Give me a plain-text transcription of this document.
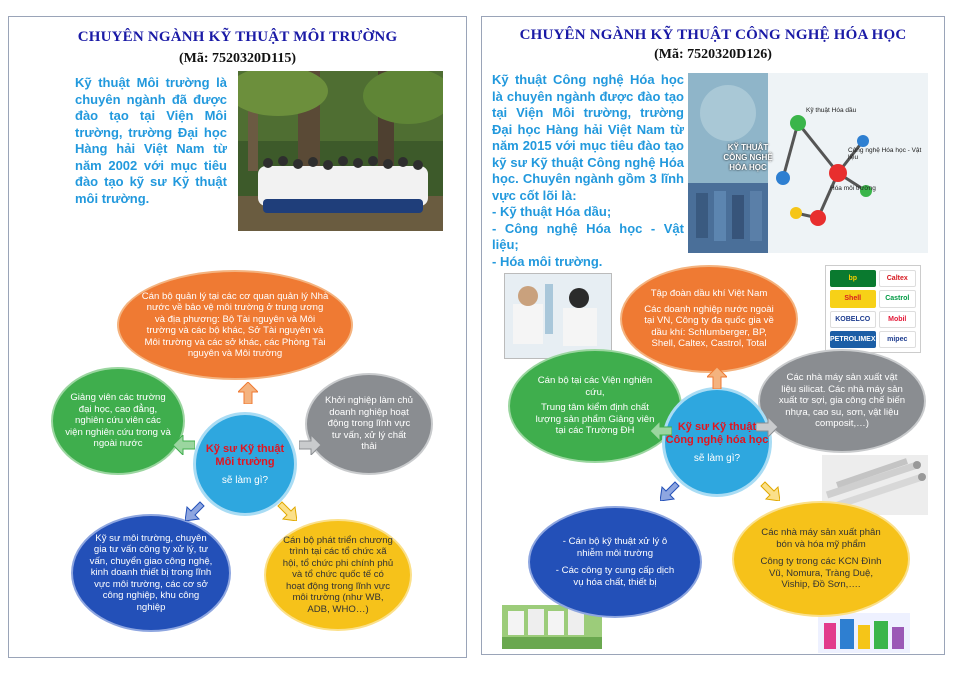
CHUYÊN NGÀNH KỸ THUẬT MÔI TRƯỜNG
(Mã: 7520320D115)
Kỹ thuật Môi trường là chuyên ngành đã được đào tạo tại Viện Môi trường, trường Đại học Hàng hải Việt Nam từ năm 2002 với mục tiêu đào tạo kỹ sư Kỹ thuật môi trường.
Cán bộ quản lý tại các cơ quan quản lý Nhà nước về bảo vệ môi trường ở trung ương và địa phương: Bộ Tài nguyên và Môi trường và các bộ khác, Sở Tài nguyên và Môi trường và các sở khác, các Phòng Tài nguyên và Môi trường
Giảng viên các trường đại học, cao đẳng, nghiên cứu viên các viện nghiên cứu trong và ngoài nước
Khởi nghiệp làm chủ doanh nghiệp hoạt động trong lĩnh vực tư vấn, xử lý chất thải
Kỹ sư môi trường, chuyên gia tư vấn công ty xử lý, tư vấn, chuyển giao công nghệ, kinh doanh thiết bị trong lĩnh vực môi trường, các cơ sở công nghiệp, khu công nghiệp
Cán bộ phát triển chương trình tại các tổ chức xã hội, tổ chức phi chính phủ và tổ chức quốc tế có hoạt động trong lĩnh vực môi trường (như WB, ADB, WHO…)
Kỹ sư Kỹ thuật Môi trường
sẽ làm gì?
CHUYÊN NGÀNH KỸ THUẬT CÔNG NGHỆ HÓA HỌC
(Mã: 7520320D126)
Kỹ thuật Công nghệ Hóa học là chuyên ngành được đào tạo tại Viện Môi trường, trường Đại học Hàng hải Việt Nam từ năm 2015 với mục tiêu đào tạo kỹ sư Kỹ thuật Công nghệ Hóa học. Chuyên ngành gồm 3 lĩnh vực cốt lõi là:
- Kỹ thuật Hóa dầu;
- Công nghệ Hóa học - Vật liệu;
- Hóa môi trường.
KỸ THUẬT CÔNG NGHỆ HÓA HỌC
Kỹ thuật Hóa dầu
Công nghệ Hóa học - Vật liệu
Hóa môi trường
bp	Caltex
Shell	Castrol
KOBELCO	Mobil
PETROLIMEX	mipec
Tập đoàn dầu khí Việt Nam
Các doanh nghiệp nước ngoài tại VN, Công ty đa quốc gia về dầu khí: Schlumberger, BP, Shell, Caltex, Castrol, Total
Cán bộ tại các Viện nghiên cứu,
Trung tâm kiểm định chất lượng sản phẩm Giảng viên tại các Trường ĐH
Các nhà máy sản xuất vật liệu silicat. Các nhà máy sản xuất tơ sợi, gia công chế biến nhựa, cao su, sơn, vật liệu composit,…)
- Cán bộ kỹ thuật xử lý ô nhiễm môi trường
- Các công ty cung cấp dịch vụ hóa chất, thiết bị
Các nhà máy sản xuất phân bón và hóa mỹ phẩm
Công ty trong các KCN Đình Vũ, Nomura, Tràng Duệ, Viship, Đồ Sơn,….
Kỹ sư Kỹ thuật Công nghệ hóa học
sẽ làm gì?
